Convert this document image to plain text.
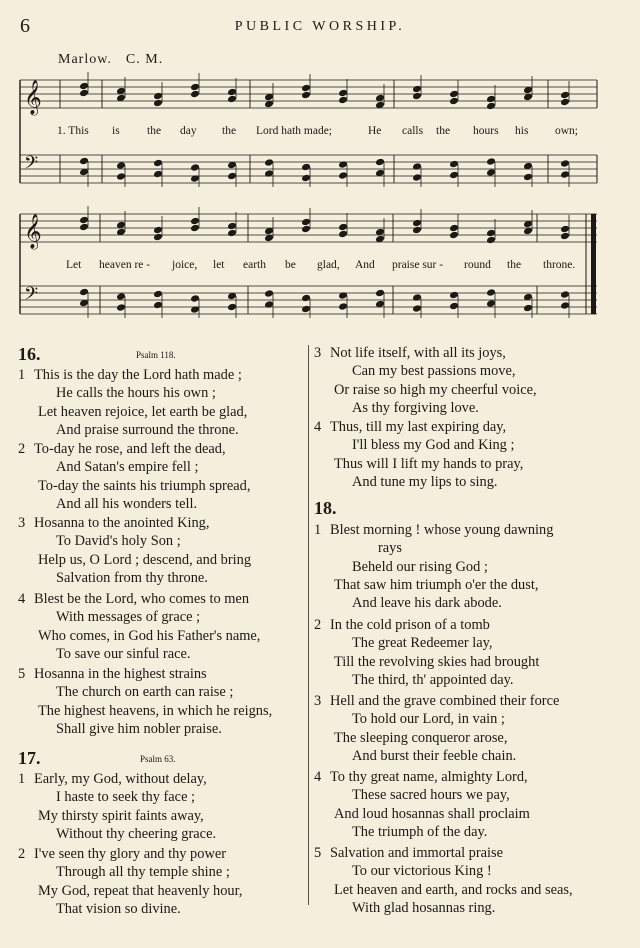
6	PUBLIC WORSHIP.
Marlow. C. M.
𝄞
𝄢
𝄞
𝄢
1. This is the day the Lord hath made;	He calls the hours his own;
Let heaven re - joice, let earth be glad, And praise sur - round the throne.
16.	Psalm 118.
1 This is the day the Lord hath made ;
He calls the hours his own ;
Let heaven rejoice, let earth be glad,
And praise surround the throne.
2 To-day he rose, and left the dead,
And Satan's empire fell ;
To-day the saints his triumph spread,
And all his wonders tell.
3 Hosanna to the anointed King,
To David's holy Son ;
Help us, O Lord ; descend, and bring
Salvation from thy throne.
4 Blest be the Lord, who comes to men
With messages of grace ;
Who comes, in God his Father's name,
To save our sinful race.
5 Hosanna in the highest strains
The church on earth can raise ;
The highest heavens, in which he reigns,
Shall give him nobler praise.
17.	Psalm 63.
1 Early, my God, without delay,
I haste to seek thy face ;
My thirsty spirit faints away,
Without thy cheering grace.
2 I've seen thy glory and thy power
Through all thy temple shine ;
My God, repeat that heavenly hour,
That vision so divine.
3 Not life itself, with all its joys,
Can my best passions move,
Or raise so high my cheerful voice,
As thy forgiving love.
4 Thus, till my last expiring day,
I'll bless my God and King ;
Thus will I lift my hands to pray,
And tune my lips to sing.
18.
1 Blest morning ! whose young dawning
rays
Beheld our rising God ;
That saw him triumph o'er the dust,
And leave his dark abode.
2 In the cold prison of a tomb
The great Redeemer lay,
Till the revolving skies had brought
The third, th' appointed day.
3 Hell and the grave combined their force
To hold our Lord, in vain ;
The sleeping conqueror arose,
And burst their feeble chain.
4 To thy great name, almighty Lord,
These sacred hours we pay,
And loud hosannas shall proclaim
The triumph of the day.
5 Salvation and immortal praise
To our victorious King !
Let heaven and earth, and rocks and seas,
With glad hosannas ring.
